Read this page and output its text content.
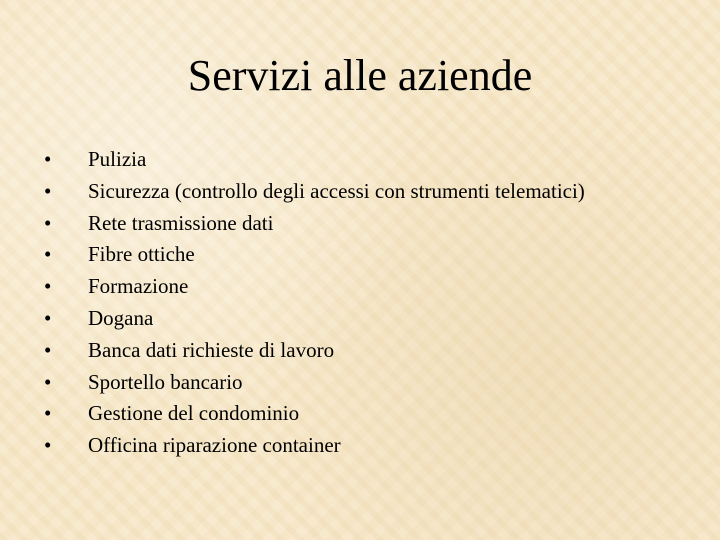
Servizi alle aziende
•	Pulizia
•	Sicurezza (controllo degli accessi con strumenti telematici)
•	Rete trasmissione dati
•	Fibre ottiche
•	Formazione
•	Dogana
•	Banca dati richieste di lavoro
•	Sportello bancario
•	Gestione del condominio
•	Officina riparazione container
